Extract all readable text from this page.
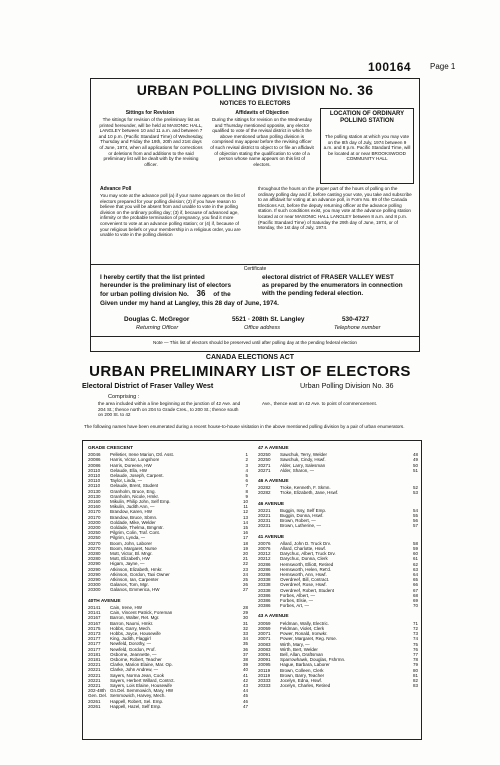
100164 Page 1
URBAN POLLING DIVISION No. 36
NOTICES TO ELECTORS
Sittings for Revision
The sittings for revision of the preliminary list as printed hereunder, will be held at MASONIC HALL, LANGLEY between 10 and 11 a.m. and between 7 and 10 p.m. (Pacific Standard Time) of Wednesday, Thursday and Friday the 19th, 20th and 21st days of June, 1974, when all applications for corrections or deletions from and additions to the said preliminary list will be dealt with by the revising officer.
Affidavits of Objection
During the sittings for revision on the Wednesday and Thursday mentioned opposite, any elector qualified to vote of the revisal district in which the above mentioned urban polling division is comprised may appear before the revising officer of such revisal district to object to or file an affidavit of objection stating the qualification to vote of a person whose name appears on this list of electors.
LOCATION OF ORDINARY POLLING STATION
The polling station at which you may vote on the 8th day of July, 1974 between 9 a.m. and 8 p.m. Pacific Standard Time, will be located at or near BROOKSWOOD COMMUNITY HALL
Advance Poll
You may vote at the advance poll (a) if your name appears on the list of electors prepared for your polling division; (2) if you have reason to believe that you will be absent from and unable to vote in the polling division on the ordinary polling day; (3) if, because of advanced age, infirmity or the probable termination of pregnancy, you find it more convenient to vote at an advance polling station; or (4) if, because of your religious beliefs or your membership in a religious order, you are unable to vote in the polling division
throughout the hours on the proper part of the hours of polling on the ordinary polling day and if, before casting your vote, you take and subscribe to an affidavit for voting at an advance poll, in Form No. 69 of the Canada Elections Act, before the deputy returning officer at the advance polling station. If such conditions exist, you may vote at the advance polling station located at or near MASONIC HALL LANGLEY between 8 a.m. and 8 p.m. (Pacific Standard Time) of Saturday the 29th day of June, 1974, or of Monday, the 1st day of July, 1974.
Certificate
I hereby certify that the list printed
hereunder is the preliminary list of electors
for urban polling division No. 36 of the
electoral district of FRASER VALLEY WEST
as prepared by the enumerators in connection
with the pending federal election.
Given under my hand at Langley, this 28 day of June, 1974.
Douglas C. McGregor
Returning Officer
5521 · 208th St. Langley
Office address
530-4727
Telephone number
Note — This list of electors should be preserved until after polling day at the pending federal election
CANADA ELECTIONS ACT
URBAN PRELIMINARY LIST OF ELECTORS
Electoral District of Fraser Valley West	Urban Polling Division No. 36
Comprising :
the area included within a line beginning at the junction of 42 Ave. and 204 St.; thence north on 204 to Grade Cres., to 200 St.; thence south on 200 St. to 42
Ave., thence east on 42 Ave. to point of commencement.
The following names have been enumerated during a recent house-to-house visitation in the above mentioned polling division by a pair of urban enumerators.
GRADE CRESCENT
20046 Pelletier, Irene Marion, Dtl. Asst.	1
20086 Harris, Victor, Longshore	2
20086 Harris, Doreene, HW	3
20110 Gelaude, Ella, HW	4
20110 Gelaude, Joseph, Carpent.	5
20110 Taylor, Linda, —	6
20110 Gelaude, Brent, Student	7
20130 Granholm, Bruce, Eng.	8
20130 Granholm, Nicole, Hmkr.	9
20160 Mikulin, Philip John, Self Emp.	10
20160 Mikulin, Judith Ann, —	11
20170 Brandow, Karen, HW	12
20170 Brandow, Bruce, Sbmn.	13
20200 Goldade, Mike, Welder	14
20200 Goldade, Thelma, Bmgmtr.	15
20250 Pilgrim, Colin, Traf. Cont.	16
20250 Pilgrim, Lynda, —	17
20270 Boom, John, Laborer	18
20270 Boom, Margaret, Nurse	19
20280 Mott, Victor, Bl. Mngr.	20
20280 Mott, Elizabeth, HW	21
20290 Higam, Jayne, —	22
20290 Atkinson, Elizabeth, Hmkr.	23
20290 Atkinson, Gordon, Taxi Owner	24
20290 Atkinson, Ian, Carpenter	25
20300 Galanos, Tom, Mgr.	26
20300 Galanos, Emmerica, HW	27
40TH AVENUE
20141 Cain, Irene, HW	28
20141 Cain, Vincent Patrick, Foreman	29
20167 Barron, Walter, Ret. Mgr.	30
20167 Barron, Naomi, Hmkr.	31
20175 Hobbs, Garry, Mech.	32
20173 Hobbs, Joyce, Housewife	33
20177 King, Judith, Flaggirl	34
20177 Newfeld, Dorothy, —	35
20177 Newfeld, Gordon, Prof.	36
20181 Osborne, Jeannette, —	37
20181 Osborne, Robert, Teacher	38
20221 Clarke, Marion Elaine, Mar. Op.	39
20221 Clarke, John Andrew, —	40
20221 Sayers, Norma Jean, Cook	41
20221 Sayers, Herbert Willard, Contrct.	42
20221 Sayers, Lois Elaine, Housewife	43
202-48th Gn.Del. Semmowich, Mary, HW	44
Gen. Del. Semmowich, Harvey, Mech.	45
20261 Happell, Robert, Sel. Emp.	46
20261 Happell, Hazel, Self Emp.	47
47 A AVENUE
20250 Sawchuk, Terry, Welder	48
20250 Sawchuk, Cindy, Hswf.	49
20271 Alder, Larry, Salesman	50
20271 Alder, Sharon, —	51
46 A AVENUE
20282 Troke, Kenneth, F. Skmn.	52
20282 Troke, Elizabeth, Jane, Hswf.	53
46 AVENUE
20221 Buggin, Issy, Self Emp.	54
20221 Buggin, Donna, Hswf.	55
20231 Brown, Robert, —	56
20231 Brown, Lutherine, —	57
41 AVENUE
20076 Allard, John D. Truck Drv.	58
20076 Allard, Charlotte, Hswf.	59
20212 Darychuc, Albert, Truck Drv.	60
20212 Darychuc, Donna, Clerk	61
20286 Hemsworth, Elliott, Retired	62
20286 Hemsworth, Helen, Ret'd.	63
20286 Hemsworth, Ann, Hswf.	64
20338 Overdreef, Bill, Contract.	65
20338 Overdreef, Rose, Hswf.	66
20338 Overdreef, Robert, Student	67
20386 Forbes, Albert, —	68
20386 Forbes, Elsie, —	69
20386 Forbes, Art, —	70
43 A AVENUE
20059 Feldman, Wally, Electric.	71
20059 Feldman, Violet, Clerk	72
20071 Power, Ronald, Ironwkr.	73
20071 Power, Margaret, Reg. Nrse.	74
20083 Wirth, Mary, —	75
20083 Wirth, Bert, Welder	76
20091 Bell, Allan, Draftsman	77
20091 Sparrowhawk, Douglas, Fshrmn.	78
20095 Hague, Barbara, Laborer	79
20119 Brown, Colleen, Clerk	80
20119 Brown, Barry, Teacher	81
20333 Jocelyn, Edna, Hswf.	82
20333 Jocelyn, Charles, Retired	83
